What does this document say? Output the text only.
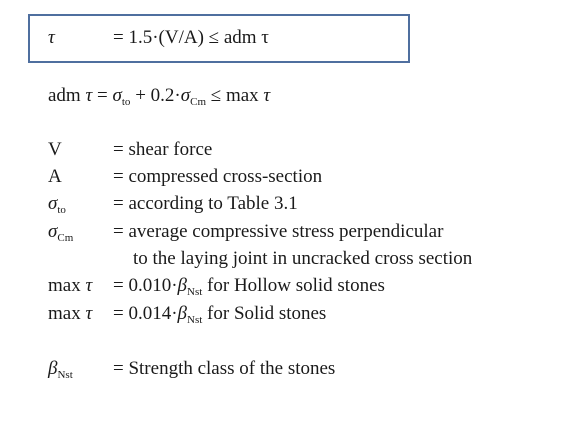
τ	= 1.5·(V/A) ≤ adm τ
adm $\tau = \sigma_{to} + 0.2\cdot\sigma_{Cm} \le \max \tau$
V	= shear force
A	= compressed cross-section
$\sigma_{to}$ = according to Table 3.1
$\sigma_{Cm}$ = average compressive stress perpendicular
to the laying joint in uncracked cross section
$\max \tau = 0.010\cdot\beta_{Nst}$ for Hollow solid stones
$\max \tau = 0.014\cdot\beta_{Nst}$ for Solid stones
$\beta_{Nst}$ = Strength class of the stones
